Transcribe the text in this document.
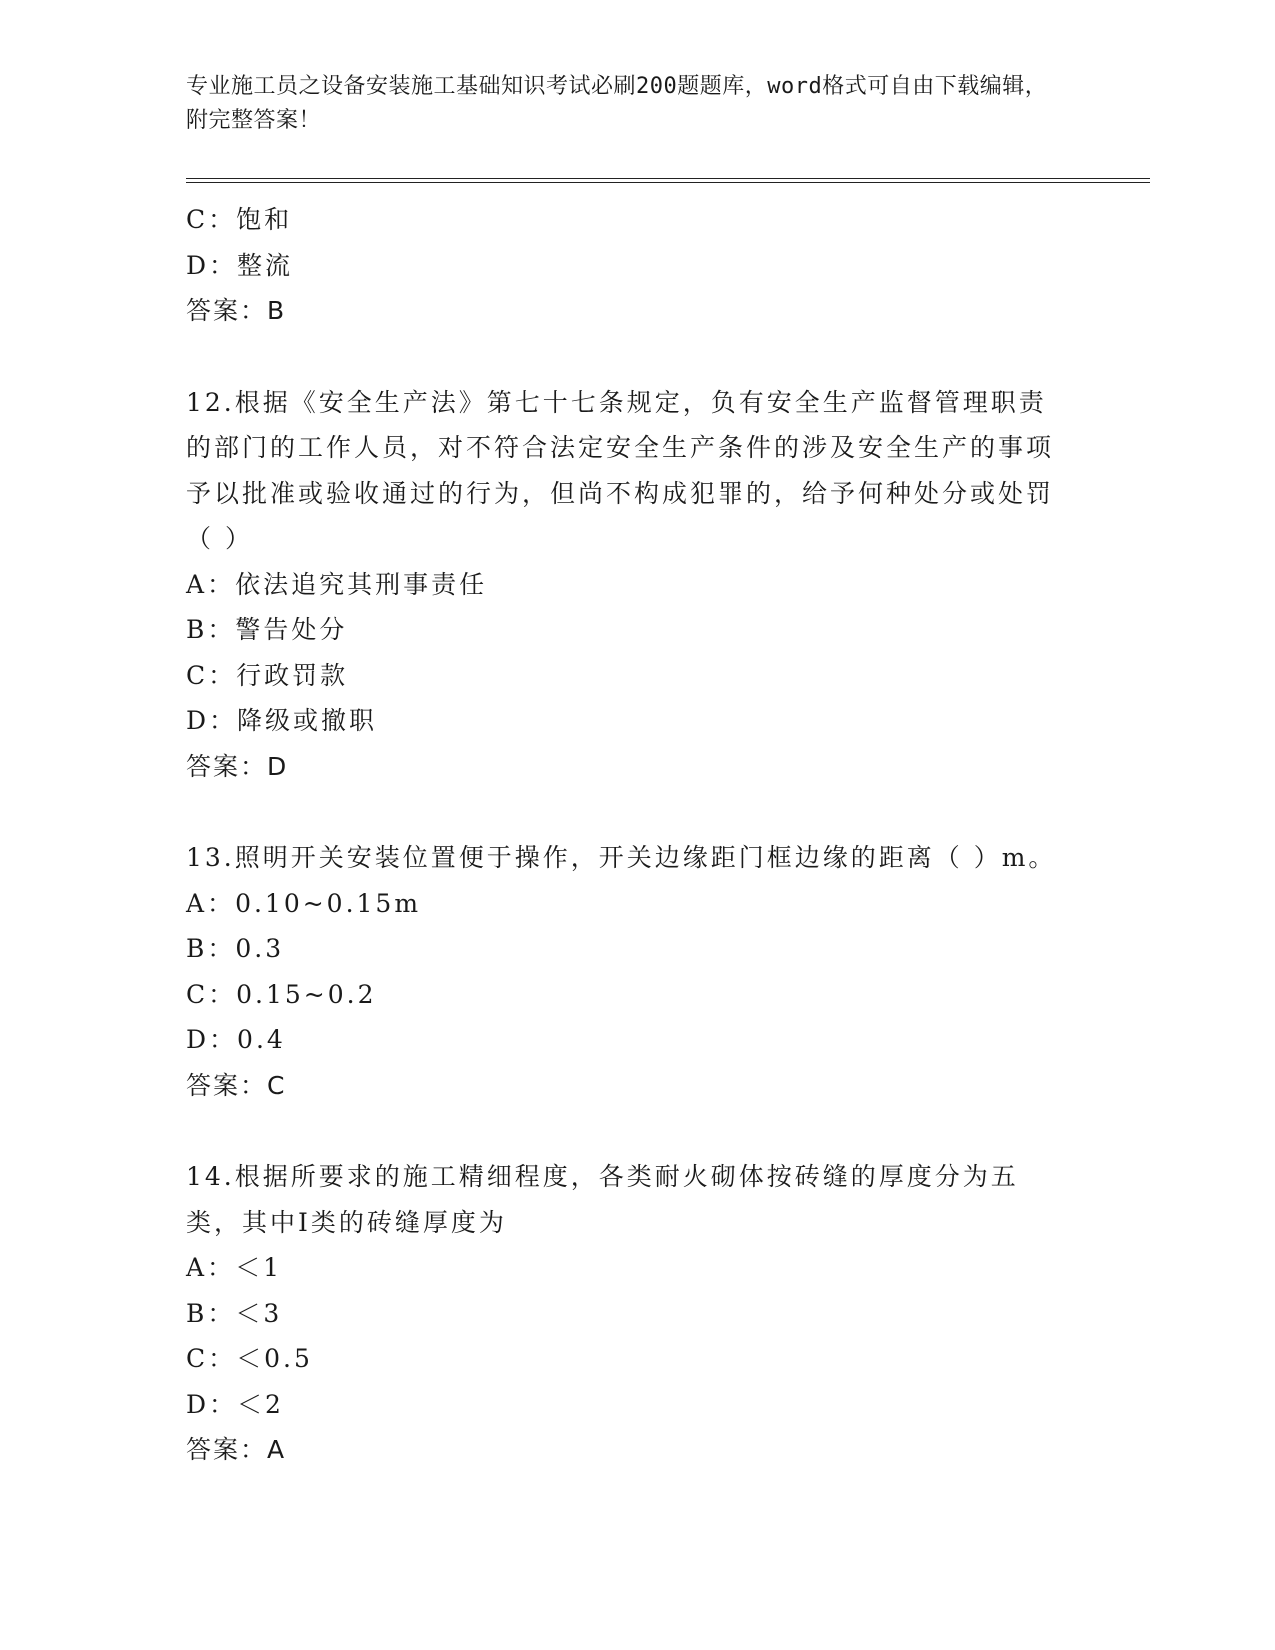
专业施工员之设备安装施工基础知识考试必刷200题题库，word格式可自由下载编辑，附完整答案！
C：饱和
D：整流
答案：B
12.根据《安全生产法》第七十七条规定，负有安全生产监督管理职责的部门的工作人员，对不符合法定安全生产条件的涉及安全生产的事项予以批准或验收通过的行为，但尚不构成犯罪的，给予何种处分或处罚（ ）
A：依法追究其刑事责任
B：警告处分
C：行政罚款
D：降级或撤职
答案：D
13.照明开关安装位置便于操作，开关边缘距门框边缘的距离（ ）m。
A：0.10~0.15m
B：0.3
C：0.15~0.2
D：0.4
答案：C
14.根据所要求的施工精细程度，各类耐火砌体按砖缝的厚度分为五类，其中Ⅰ类的砖缝厚度为
A：＜1
B：＜3
C：＜0.5
D：＜2
答案：A
